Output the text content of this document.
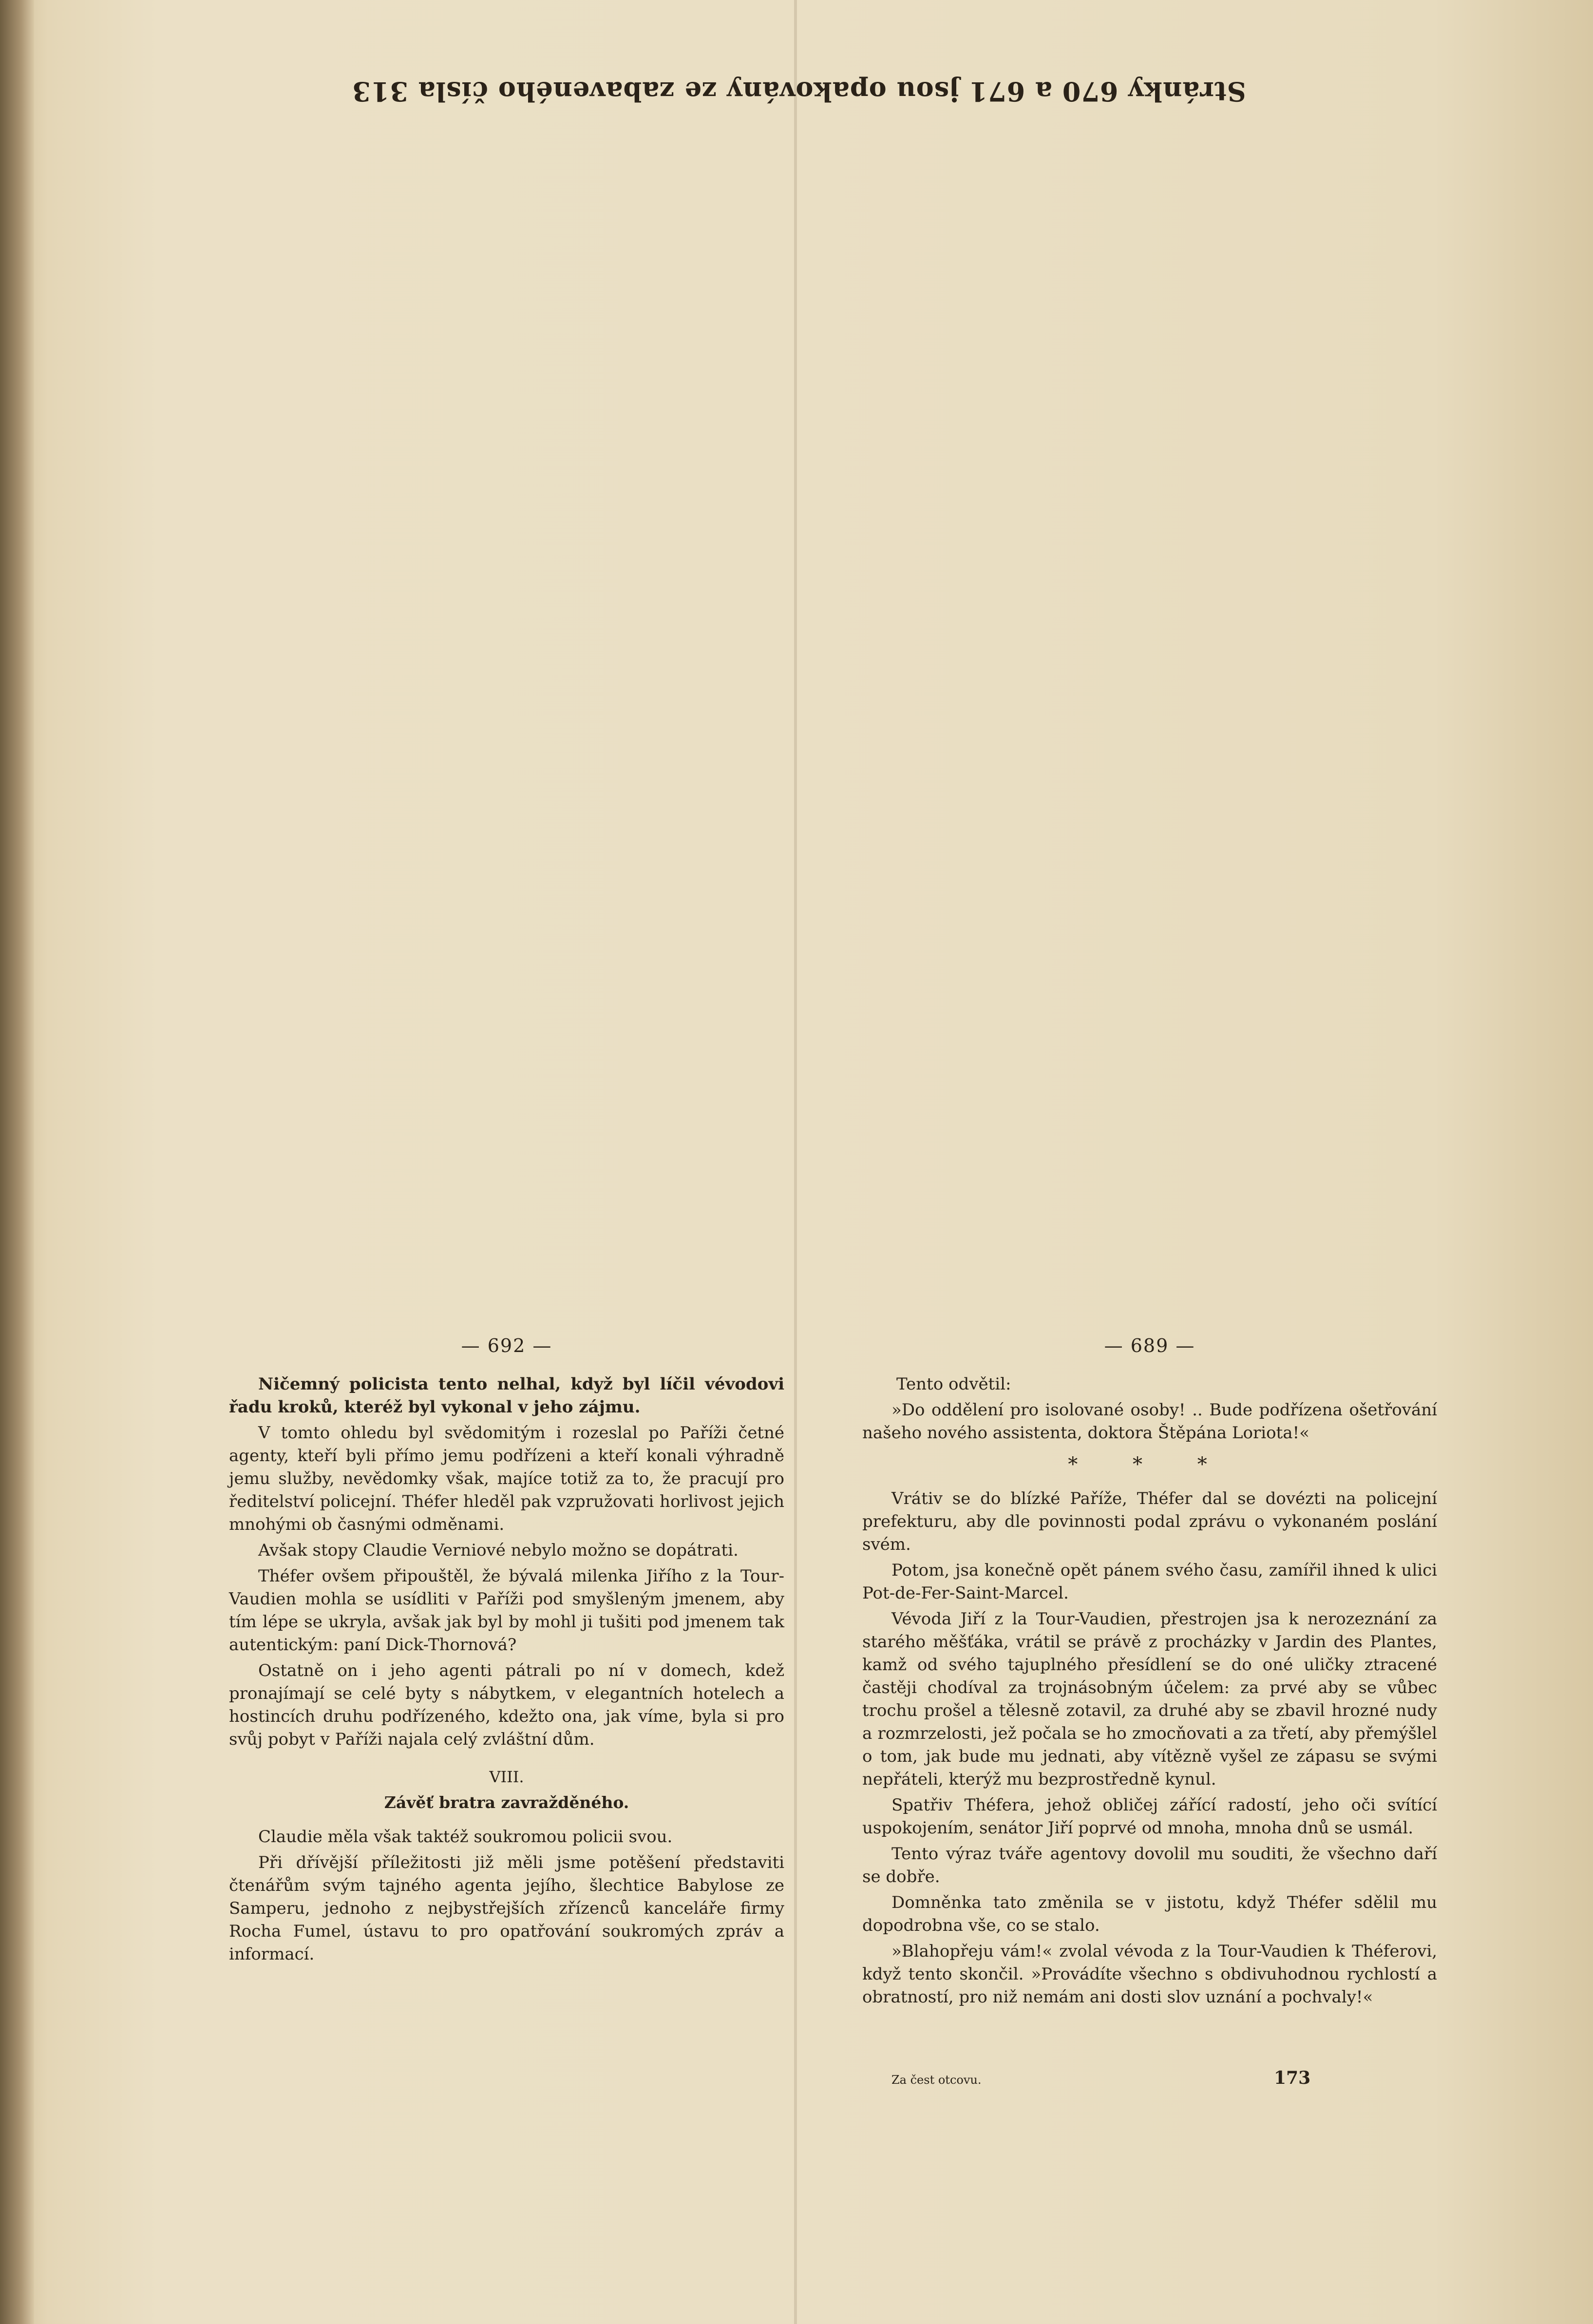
Stránky 670 a 671 jsou opakovány ze zabaveného čísla 313
— 689 —

Tento odvětil:

»Do oddělení pro isolované osoby! .. Bude podřízena ošetřování našeho nového assistenta, doktora Štěpána Loriota!«

* * *

Vrátiv se do blízké Paříže, Théfer dal se dovézti na policejní prefekturu, aby dle povinnosti podal zprávu o vykonaném poslání svém.

Potom, jsa konečně opět pánem svého času, zamířil ihned k ulici Pot-de-Fer-Saint-Marcel.

Vévoda Jiří z la Tour-Vaudien, přestrojen jsa k nerozeznání za starého měšťáka, vrátil se právě z procházky v Jardin des Plantes, kamž od svého tajuplného přesídlení se do oné uličky ztracené častěji chodíval za trojnásobným účelem: za prvé aby se vůbec trochu prošel a tělesně zotavil, za druhé aby se zbavil hrozné nudy a rozmrzelosti, jež počala se ho zmocňovati a za třetí, aby přemýšlel o tom, jak bude mu jednati, aby vítězně vyšel ze zápasu se svými nepřáteli, kterýž mu bezprostředně kynul.

Spatřiv Théfera, jehož obličej zářící radostí, jeho oči svítící uspokojením, senátor Jiří poprvé od mnoha, mnoha dnů se usmál.

Tento výraz tváře agentovy dovolil mu souditi, že všechno daří se dobře.

Domněnka tato změnila se v jistotu, když Théfer sdělil mu dopodrobna vše, co se stalo.

»Blahopřeju vám!« zvolal vévoda z la Tour-Vaudien k Théferovi, když tento skončil. »Provádíte všechno s obdivuhodnou rychlostí a obratností, pro niž nemám ani dosti slov uznání a pochvaly!«

Za čest otcovu.	173
— 692 —

Ničemný policista tento nelhal, když byl líčil vévodovi řadu kroků, kteréž byl vykonal v jeho zájmu.

V tomto ohledu byl svědomitým i rozeslal po Paříži četné agenty, kteří byli přímo jemu podřízeni a kteří konali výhradně jemu služby, nevědomky však, majíce totiž za to, že pracují pro ředitelství policejní. Théfer hleděl pak vzpružovati horlivost jejich mnohými ob časnými odměnami.

Avšak stopy Claudie Verniové nebylo možno se dopátrati.

Théfer ovšem připouštěl, že bývalá milenka Jiřího z la Tour-Vaudien mohla se usídliti v Paříži pod smyšleným jmenem, aby tím lépe se ukryla, avšak jak byl by mohl ji tušiti pod jmenem tak autentickým: paní Dick-Thornová?

Ostatně on i jeho agenti pátrali po ní v domech, kdež pronajímají se celé byty s nábytkem, v elegantních hotelech a hostincích druhu podřízeného, kdežto ona, jak víme, byla si pro svůj pobyt v Paříži najala celý zvláštní dům.

VIII.
Závěť bratra zavražděného.

Claudie měla však taktéž soukromou policii svou.

Při dřívější příležitosti již měli jsme potěšení představiti čtenářům svým tajného agenta jejího, šlechtice Babylose ze Samperu, jednoho z nejbystřejších zřízenců kanceláře firmy Rocha Fumel, ústavu to pro opatřování soukromých zpráv a informací.
